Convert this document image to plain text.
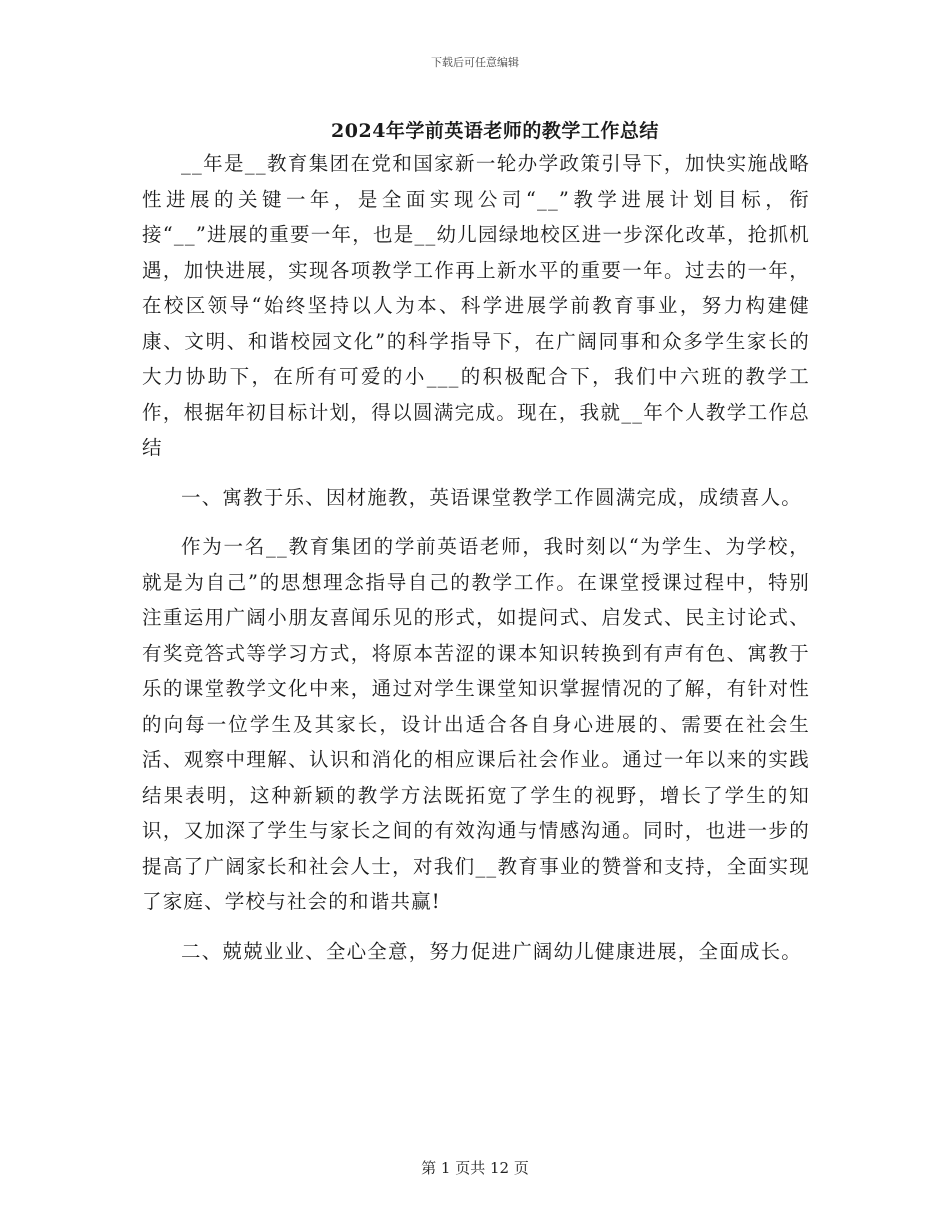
下载后可任意编辑
2024年学前英语老师的教学工作总结

__年是__教育集团在党和国家新一轮办学政策引导下，加快实施战略性进展的关键一年，是全面实现公司“__”教学进展计划目标，衔接“__”进展的重要一年，也是__幼儿园绿地校区进一步深化改革，抢抓机遇，加快进展，实现各项教学工作再上新水平的重要一年。过去的一年，在校区领导“始终坚持以人为本、科学进展学前教育事业，努力构建健康、文明、和谐校园文化”的科学指导下，在广阔同事和众多学生家长的大力协助下，在所有可爱的小___的积极配合下，我们中六班的教学工作，根据年初目标计划，得以圆满完成。现在，我就__年个人教学工作总结

一、寓教于乐、因材施教，英语课堂教学工作圆满完成，成绩喜人。

作为一名__教育集团的学前英语老师，我时刻以“为学生、为学校，就是为自己”的思想理念指导自己的教学工作。在课堂授课过程中，特别注重运用广阔小朋友喜闻乐见的形式，如提问式、启发式、民主讨论式、有奖竞答式等学习方式，将原本苦涩的课本知识转换到有声有色、寓教于乐的课堂教学文化中来，通过对学生课堂知识掌握情况的了解，有针对性的向每一位学生及其家长，设计出适合各自身心进展的、需要在社会生活、观察中理解、认识和消化的相应课后社会作业。通过一年以来的实践结果表明，这种新颖的教学方法既拓宽了学生的视野，增长了学生的知识，又加深了学生与家长之间的有效沟通与情感沟通。同时，也进一步的提高了广阔家长和社会人士，对我们__教育事业的赞誉和支持，全面实现了家庭、学校与社会的和谐共赢!

二、兢兢业业、全心全意，努力促进广阔幼儿健康进展，全面成长。

第 1 页共 12 页
